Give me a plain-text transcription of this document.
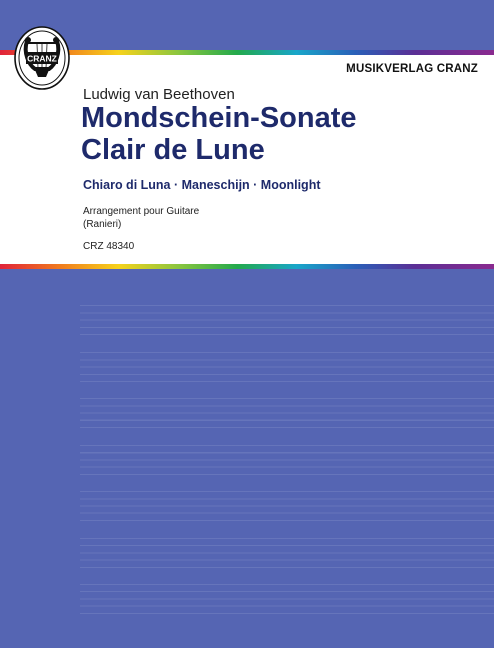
CRANZ
MUSIKVERLAG CRANZ
Ludwig van Beethoven
Mondschein-Sonate
Clair de Lune
Chiaro di Luna · Maneschijn · Moonlight
Arrangement pour Guitare
(Ranieri)
CRZ 48340
